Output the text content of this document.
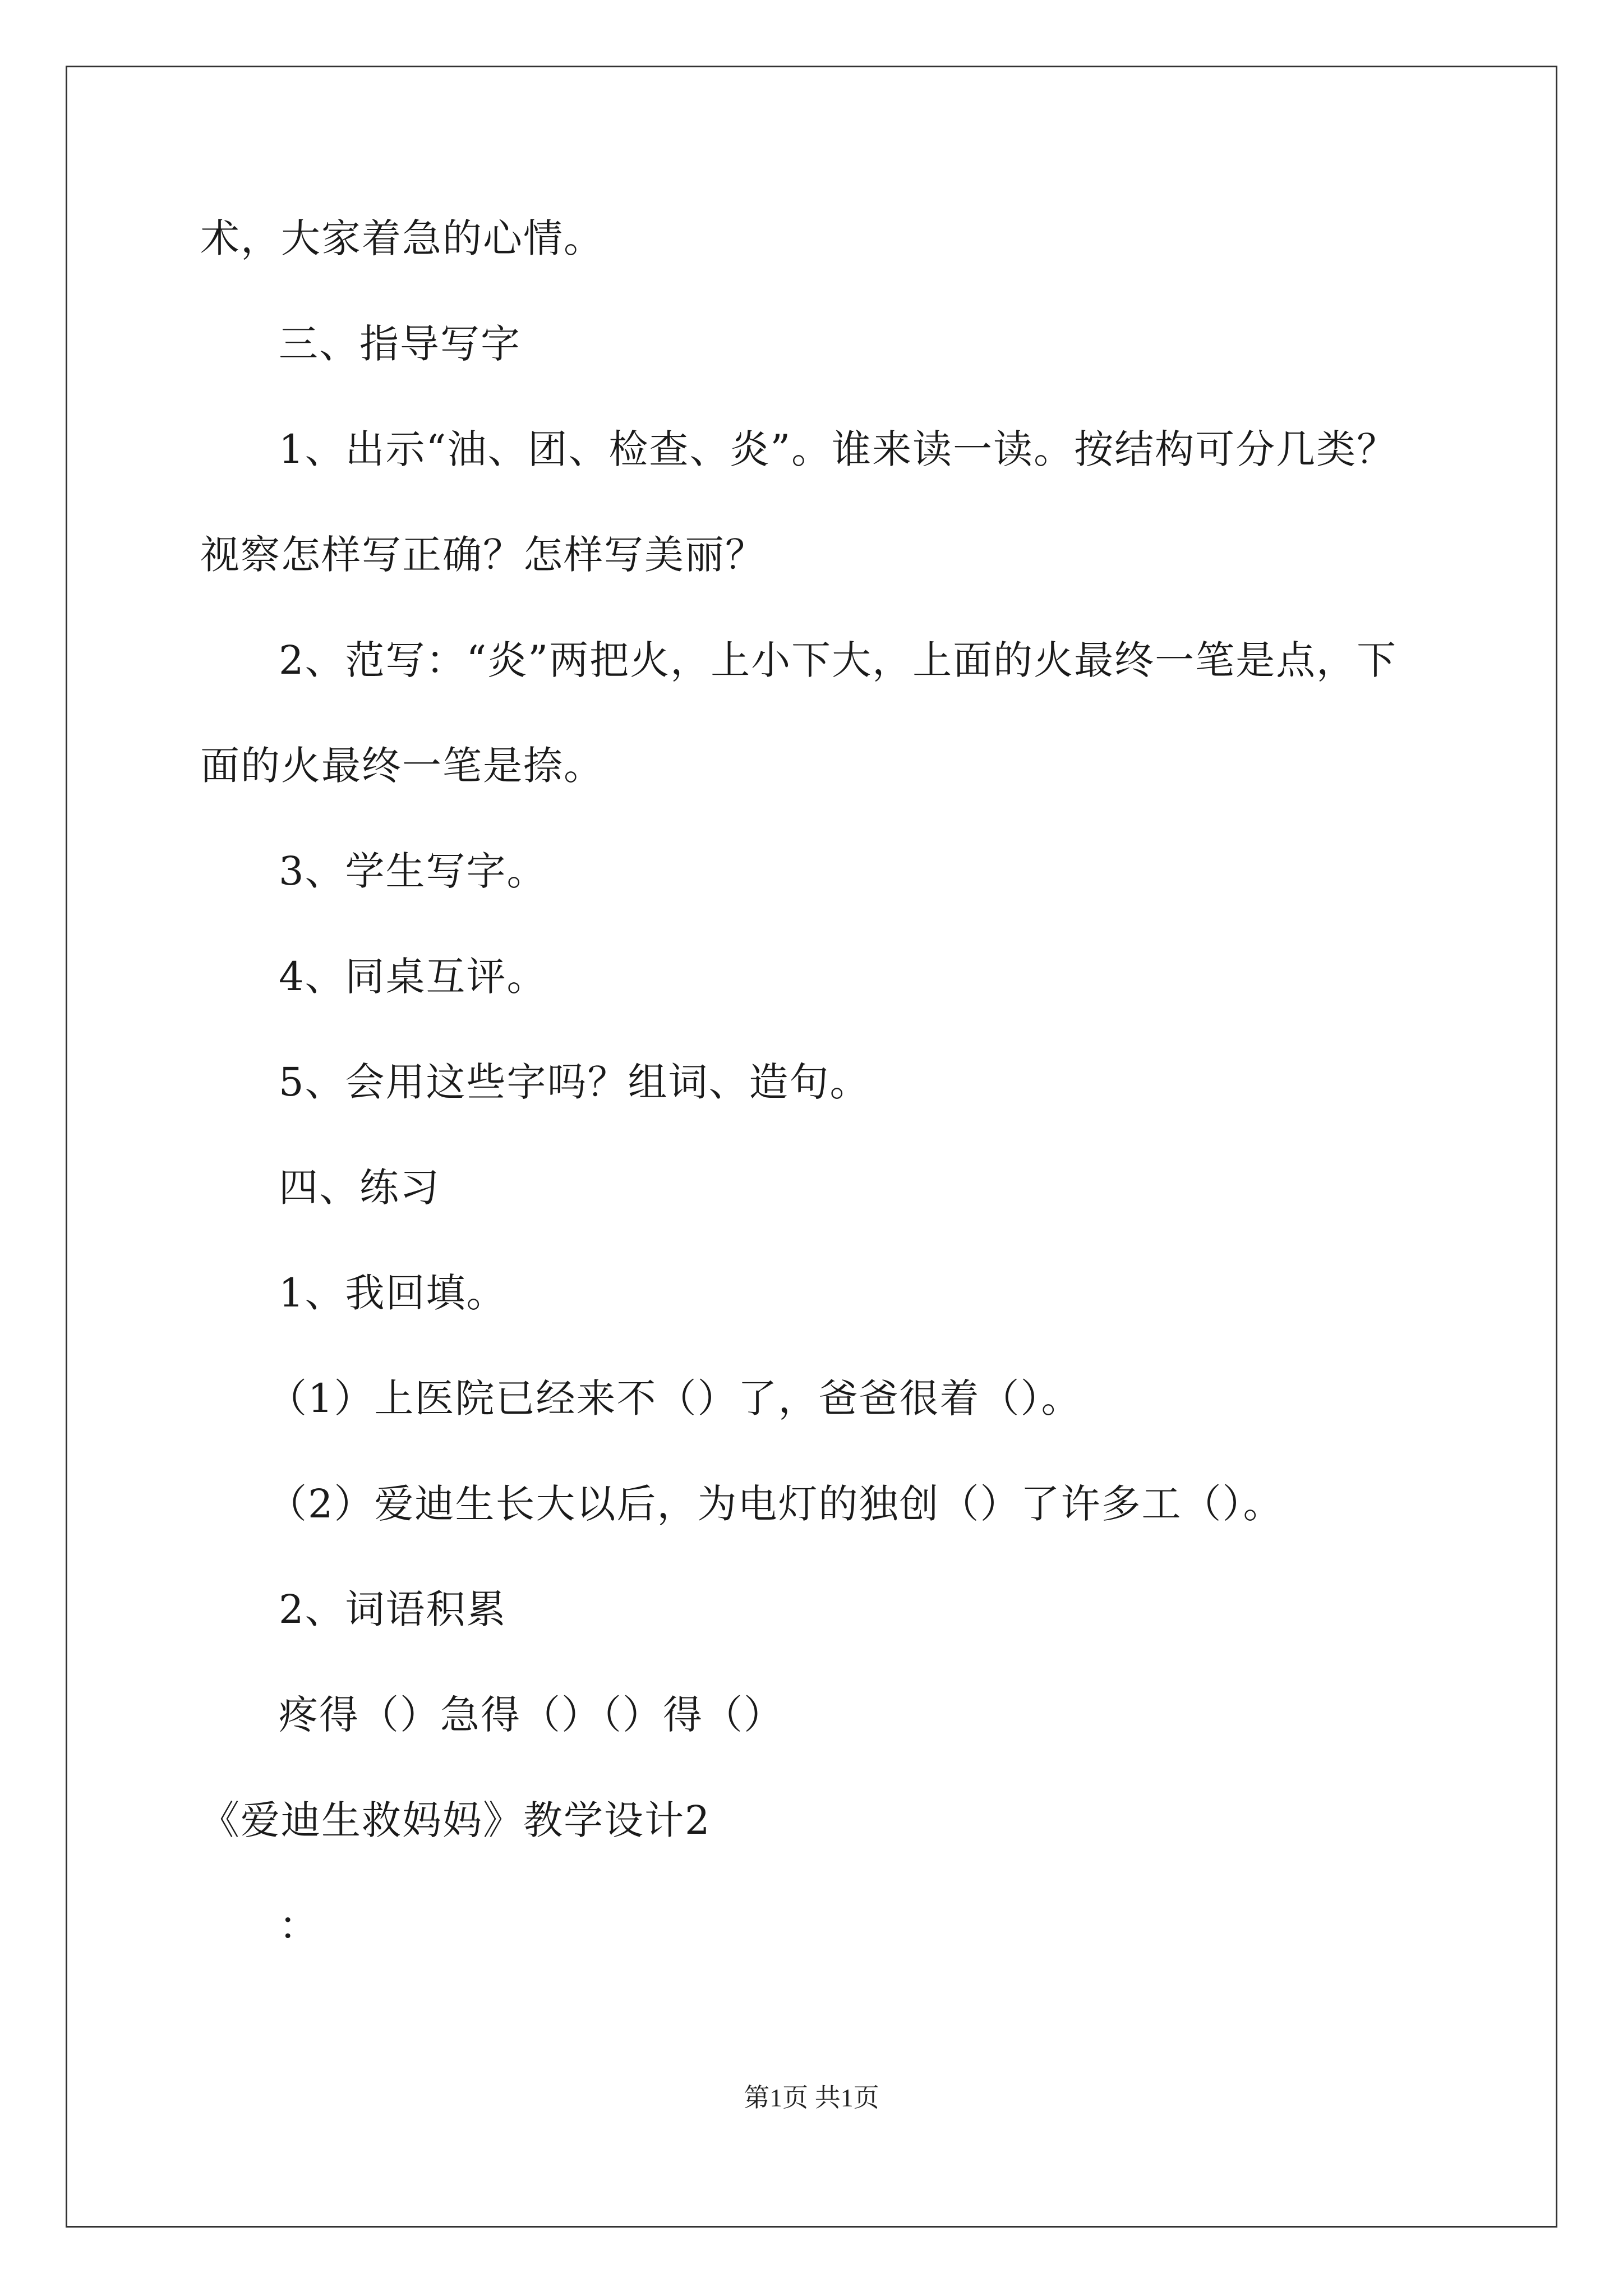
术，大家着急的心情。
三、指导写字
1、出示“油、团、检查、炎”。谁来读一读。按结构可分几类？
视察怎样写正确？怎样写美丽？
2、范写：“炎”两把火，上小下大，上面的火最终一笔是点，下
面的火最终一笔是捺。
3、学生写字。
4、同桌互评。
5、会用这些字吗？组词、造句。
四、练习
1、我回填。
（1）上医院已经来不（）了，爸爸很着（）。
（2）爱迪生长大以后，为电灯的独创（）了许多工（）。
2、词语积累
疼得（）急得（）（）得（）
《爱迪生救妈妈》教学设计2
：
第1页 共1页
